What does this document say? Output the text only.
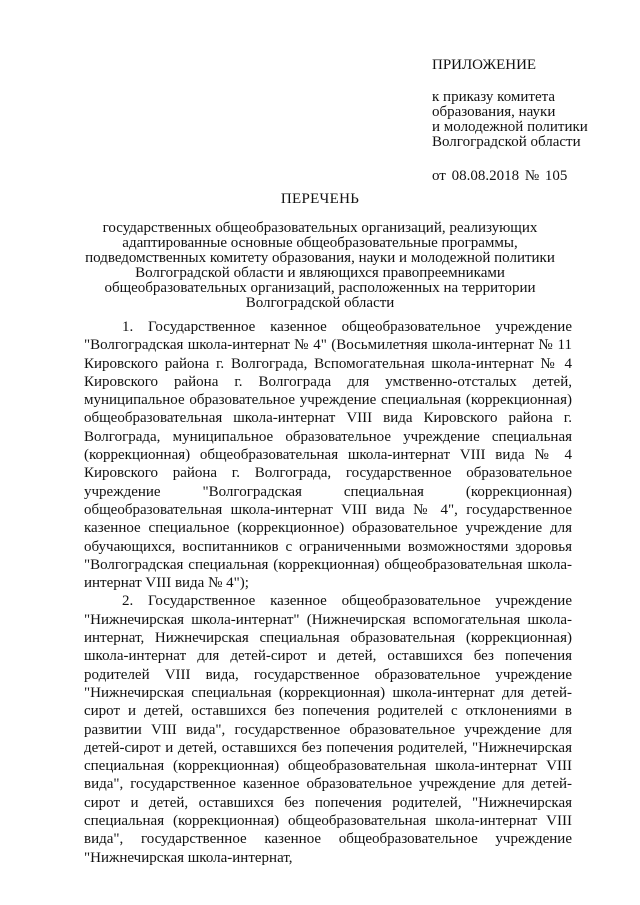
ПРИЛОЖЕНИЕ
к приказу комитета
образования, науки
и молодежной политики
Волгоградской области
от 08.08.2018 № 105
ПЕРЕЧЕНЬ
государственных общеобразовательных организаций, реализующих
адаптированные основные общеобразовательные программы,
подведомственных комитету образования, науки и молодежной политики
Волгоградской области и являющихся правопреемниками
общеобразовательных организаций, расположенных на территории
Волгоградской области

1. Государственное казенное общеобразовательное учреждение "Волгоградская школа-интернат № 4" (Восьмилетняя школа-интернат № 11 Кировского района г. Волгограда, Вспомогательная школа-интернат № 4 Кировского района г. Волгограда для умственно-отсталых детей, муниципальное образовательное учреждение специальная (коррекционная) общеобразовательная школа-интернат VIII вида Кировского района г. Волгограда, муниципальное образовательное учреждение специальная (коррекционная) общеобразовательная школа-интернат VIII вида № 4 Кировского района г. Волгограда, государственное образовательное учреждение "Волгоградская специальная (коррекционная) общеобразовательная школа-интернат VIII вида № 4", государственное казенное специальное (коррекционное) образовательное учреждение для обучающихся, воспитанников с ограниченными возможностями здоровья "Волгоградская специальная (коррекционная) общеобразовательная школа-интернат VIII вида № 4");

2. Государственное казенное общеобразовательное учреждение "Нижнечирская школа-интернат" (Нижнечирская вспомогательная школа-интернат, Нижнечирская специальная образовательная (коррекционная) школа-интернат для детей-сирот и детей, оставшихся без попечения родителей VIII вида, государственное образовательное учреждение "Нижнечирская специальная (коррекционная) школа-интернат для детей-сирот и детей, оставшихся без попечения родителей с отклонениями в развитии VIII вида", государственное образовательное учреждение для детей-сирот и детей, оставшихся без попечения родителей, "Нижнечирская специальная (коррекционная) общеобразовательная школа-интернат VIII вида", государственное казенное образовательное учреждение для детей-сирот и детей, оставшихся без попечения родителей, "Нижнечирская специальная (коррекционная) общеобразовательная школа-интернат VIII вида", государственное казенное общеобразовательное учреждение "Нижнечирская школа-интернат,
